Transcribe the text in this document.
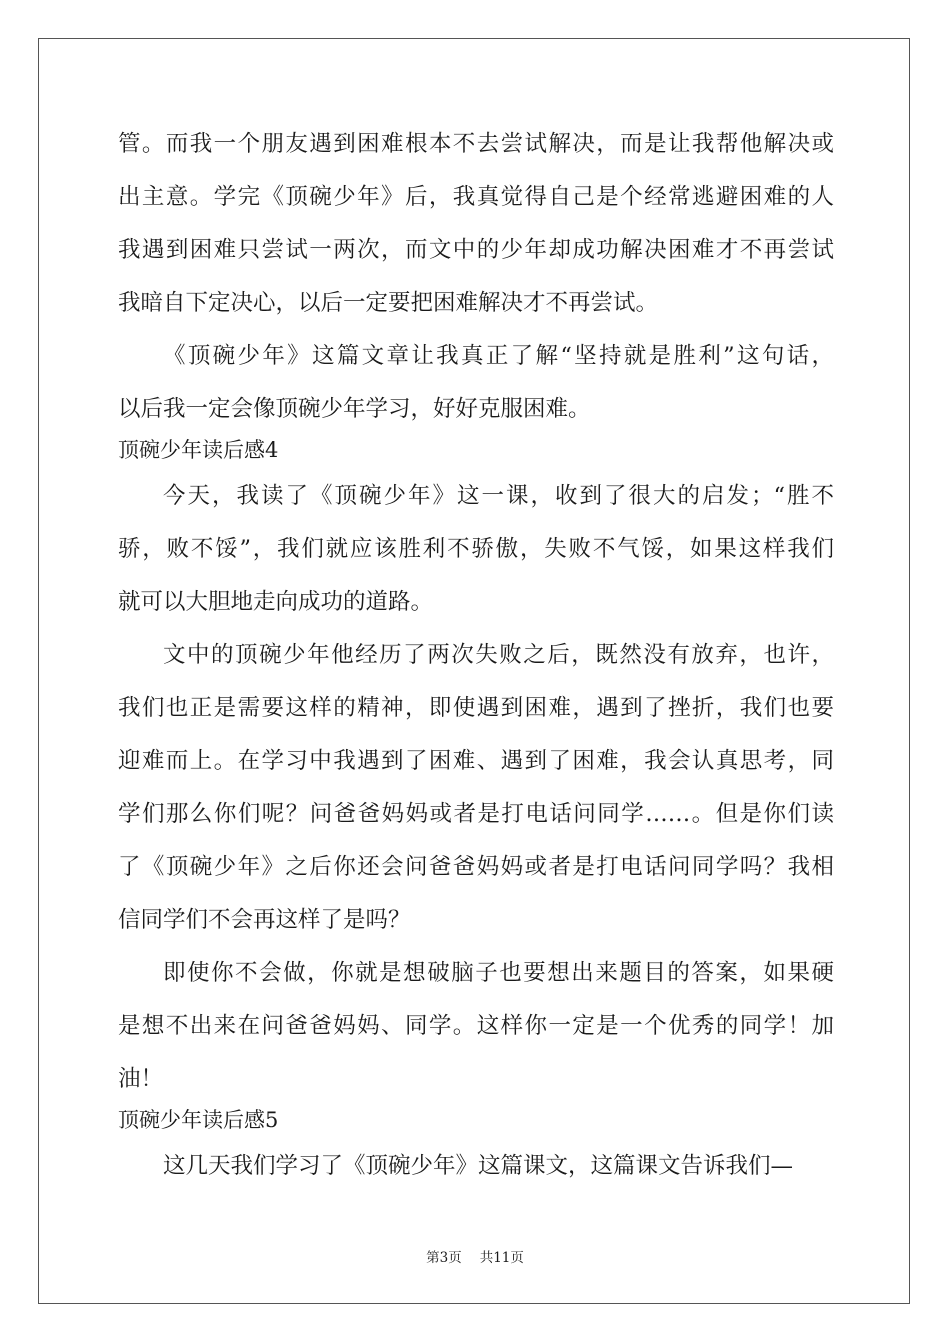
管。而我一个朋友遇到困难根本不去尝试解决，而是让我帮他解决或
出主意。学完《顶碗少年》后，我真觉得自己是个经常逃避困难的人
我遇到困难只尝试一两次，而文中的少年却成功解决困难才不再尝试
我暗自下定决心，以后一定要把困难解决才不再尝试。
《顶碗少年》这篇文章让我真正了解“坚持就是胜利”这句话，
以后我一定会像顶碗少年学习，好好克服困难。
顶碗少年读后感4
今天，我读了《顶碗少年》这一课，收到了很大的启发；“胜不
骄，败不馁”，我们就应该胜利不骄傲，失败不气馁，如果这样我们
就可以大胆地走向成功的道路。
文中的顶碗少年他经历了两次失败之后，既然没有放弃，也许，
我们也正是需要这样的精神，即使遇到困难，遇到了挫折，我们也要
迎难而上。在学习中我遇到了困难、遇到了困难，我会认真思考，同
学们那么你们呢？问爸爸妈妈或者是打电话问同学……。但是你们读
了《顶碗少年》之后你还会问爸爸妈妈或者是打电话问同学吗？我相
信同学们不会再这样了是吗？
即使你不会做，你就是想破脑子也要想出来题目的答案，如果硬
是想不出来在问爸爸妈妈、同学。这样你一定是一个优秀的同学！加
油！
顶碗少年读后感5
这几天我们学习了《顶碗少年》这篇课文，这篇课文告诉我们—
第3页 共11页
